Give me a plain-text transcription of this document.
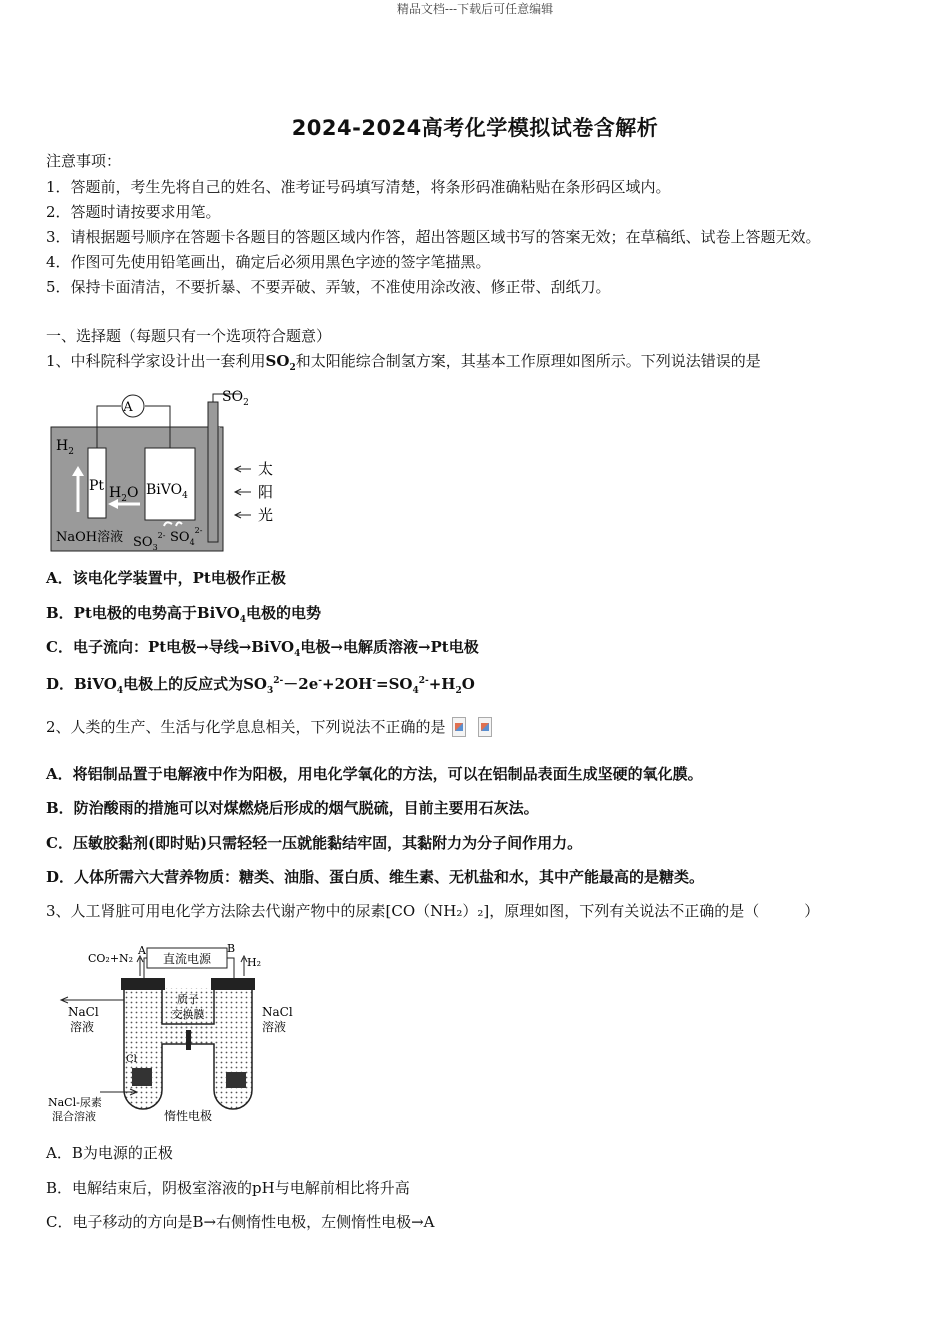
精品文档---下载后可任意编辑
2024-2024高考化学模拟试卷含解析
注意事项：
1．答题前，考生先将自己的姓名、准考证号码填写清楚，将条形码准确粘贴在条形码区域内。
2．答题时请按要求用笔。
3．请根据题号顺序在答题卡各题目的答题区域内作答，超出答题区域书写的答案无效；在草稿纸、试卷上答题无效。
4．作图可先使用铅笔画出，确定后必须用黑色字迹的签字笔描黑。
5．保持卡面清洁，不要折暴、不要弄破、弄皱，不准使用涂改液、修正带、刮纸刀。
一、选择题（每题只有一个选项符合题意）
1、中科院科学家设计出一套利用$SO_2$和太阳能综合制氢方案，其基本工作原理如图所示。下列说法错误的是
A
$SO_2$
$H_2$
Pt $H_2O$ BiVO$_4$
太
阳
光
NaOH溶液 $SO_3^{2-}$ $SO_4^{2-}$
A．该电化学装置中，Pt电极作正极
B．Pt电极的电势高于BiVO$_4$电极的电势
C．电子流向：Pt电极→导线→BiVO$_4$电极→电解质溶液→Pt电极
D．BiVO$_4$电极上的反应式为$SO_3^{2-}-2e^-+2OH^-=SO_4^{2-}+H_2O$
2、人类的生产、生活与化学息息相关，下列说法不正确的是
A．将铝制品置于电解液中作为阳极，用电化学氧化的方法，可以在铝制品表面生成坚硬的氧化膜。
B．防治酸雨的措施可以对煤燃烧后形成的烟气脱硫，目前主要用石灰法。
C．压敏胶黏剂(即时贴)只需轻轻一压就能黏结牢固，其黏附力为分子间作用力。
D．人体所需六大营养物质：糖类、油脂、蛋白质、维生素、无机盐和水，其中产能最高的是糖类。
3、人工肾脏可用电化学方法除去代谢产物中的尿素[CO（NH₂）₂]，原理如图，下列有关说法不正确的是（　　　）
CO₂+N₂
A
直流电源
B
H₂
NaCl
溶液
质子
交换膜	NaCl
溶液
Cl
NaCl-尿素
混合溶液	惰性电极
A．B为电源的正极
B．电解结束后，阴极室溶液的pH与电解前相比将升高
C．电子移动的方向是B→右侧惰性电极，左侧惰性电极→A
